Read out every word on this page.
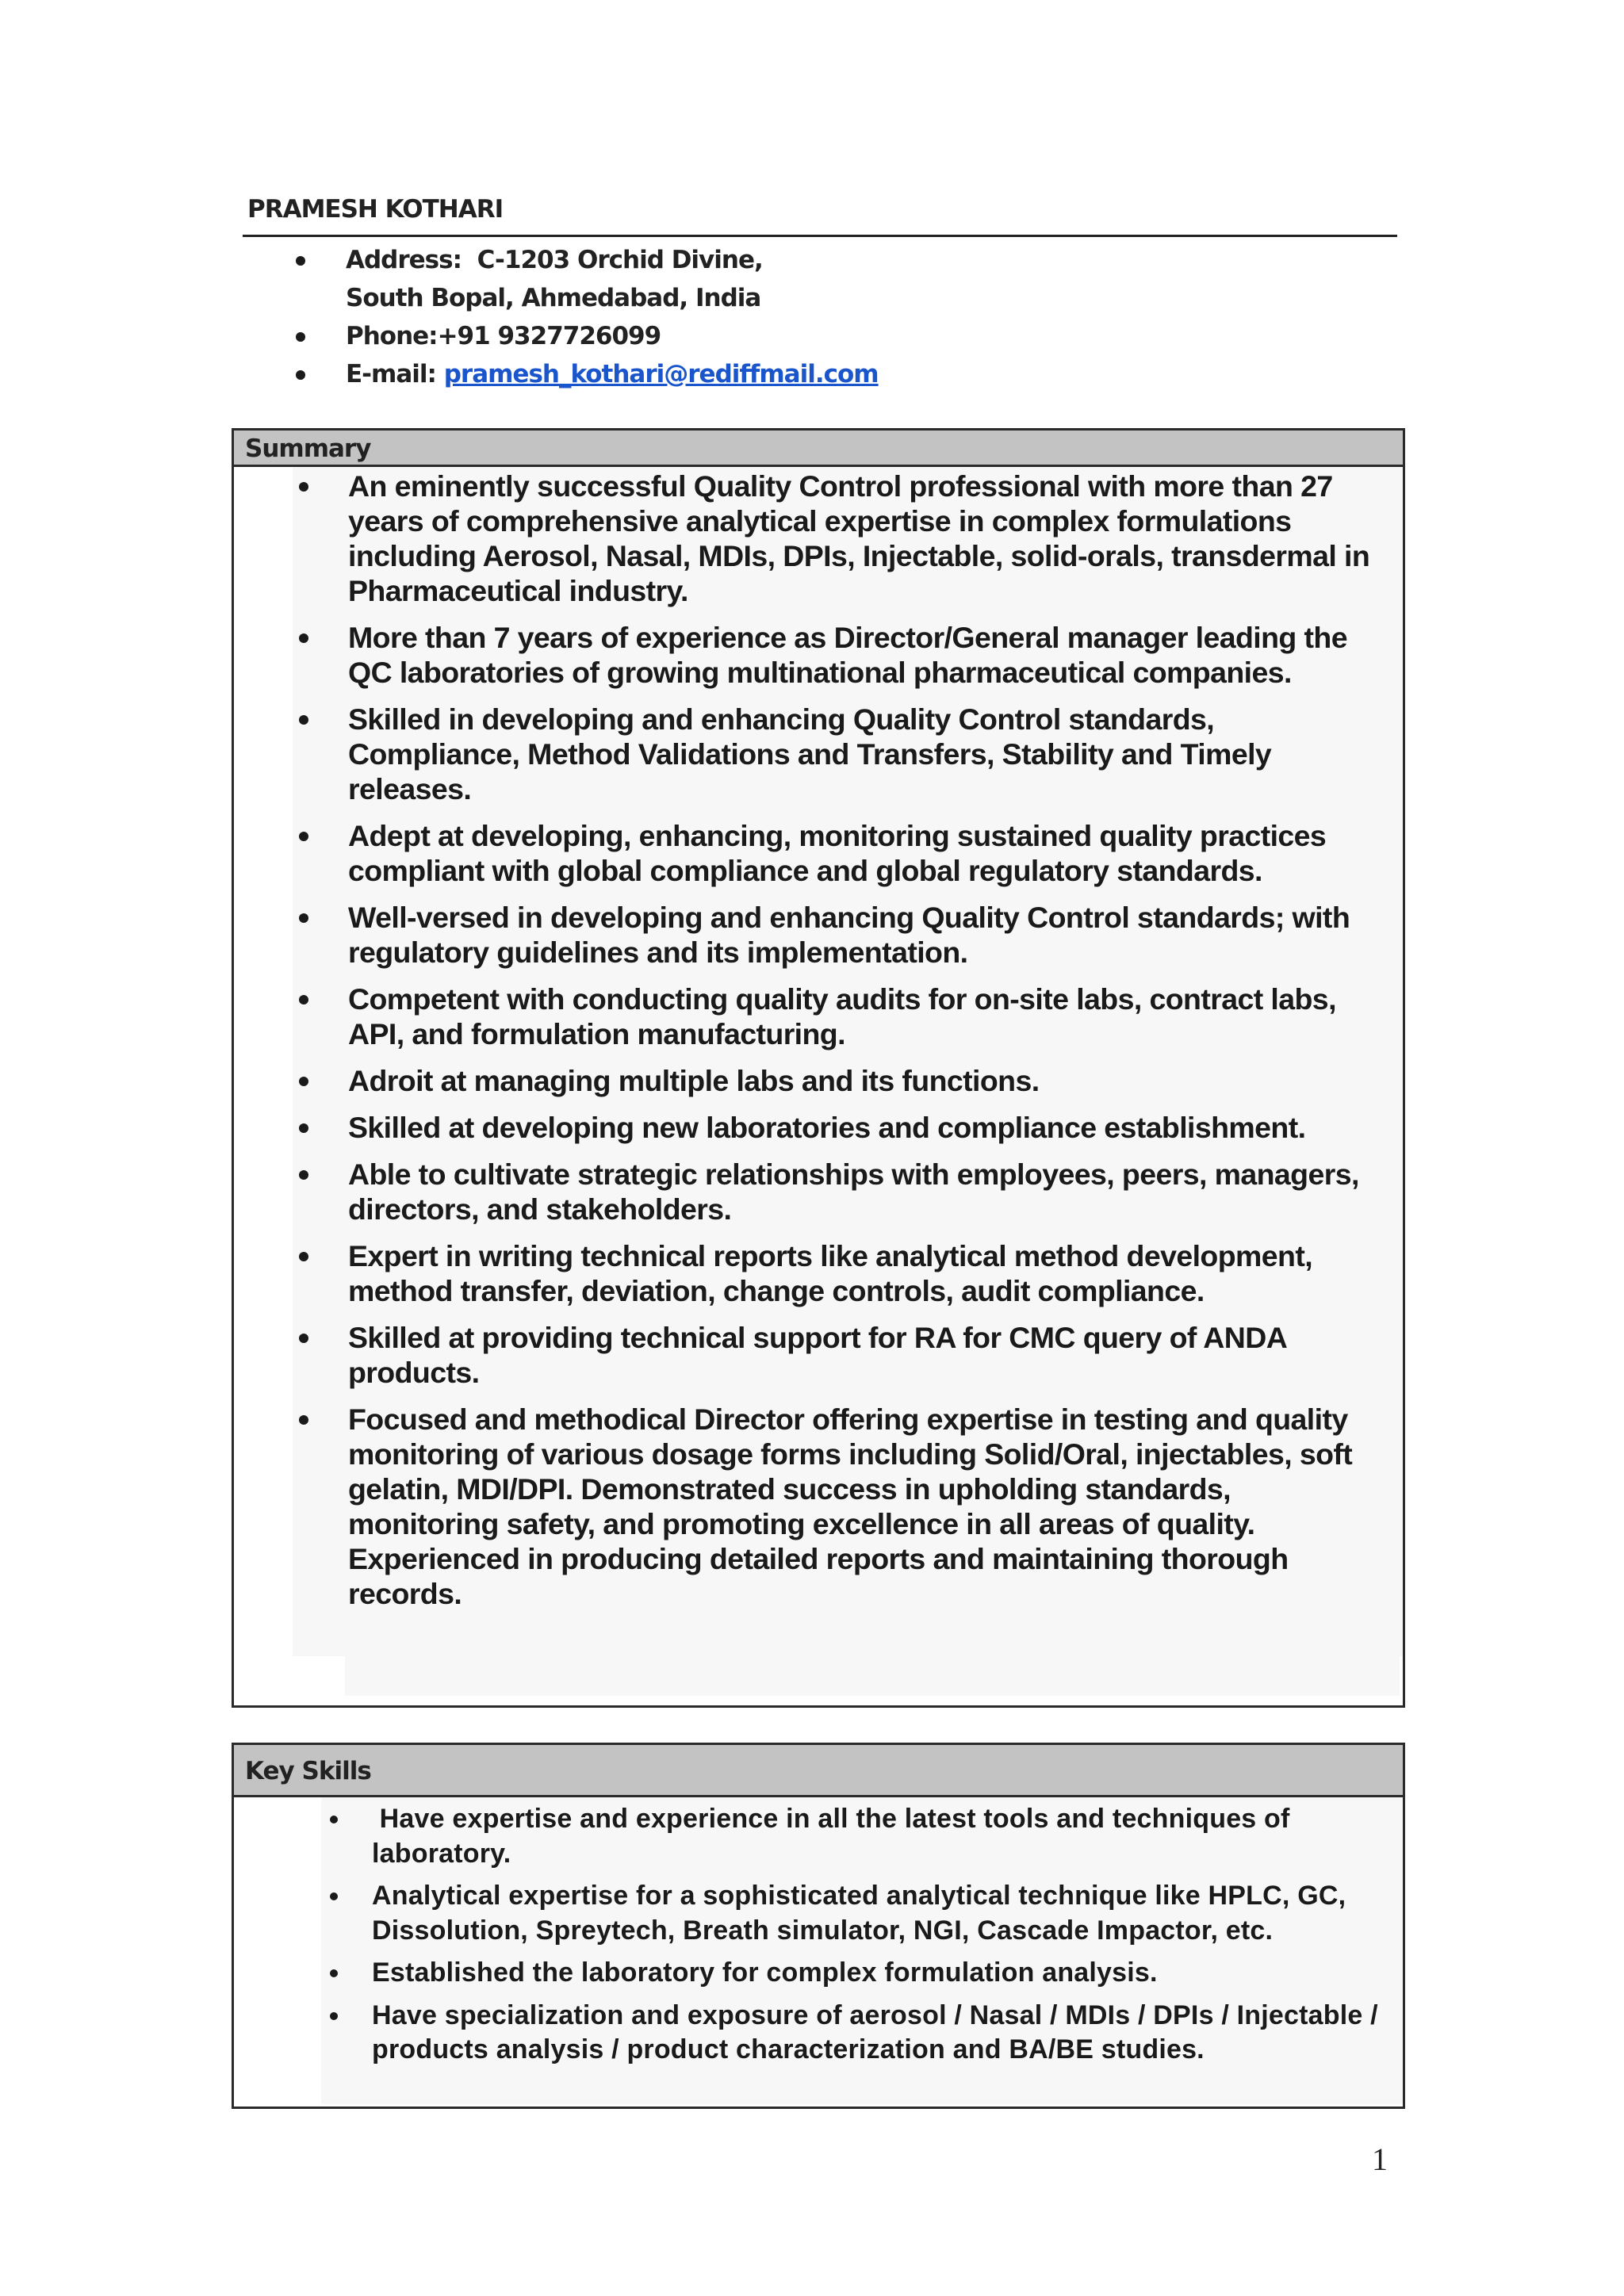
PRAMESH KOTHARI
Address: C-1203 Orchid Divine,
South Bopal, Ahmedabad, India
Phone:+91 9327726099
E-mail: pramesh_kothari@rediffmail.com
Summary
An eminently successful Quality Control professional with more than 27 years of comprehensive analytical expertise in complex formulations including Aerosol, Nasal, MDIs, DPIs, Injectable, solid-orals, transdermal in Pharmaceutical industry.
More than 7 years of experience as Director/General manager leading the QC laboratories of growing multinational pharmaceutical companies.
Skilled in developing and enhancing Quality Control standards, Compliance, Method Validations and Transfers, Stability and Timely releases.
Adept at developing, enhancing, monitoring sustained quality practices compliant with global compliance and global regulatory standards.
Well-versed in developing and enhancing Quality Control standards; with regulatory guidelines and its implementation.
Competent with conducting quality audits for on-site labs, contract labs, API, and formulation manufacturing.
Adroit at managing multiple labs and its functions.
Skilled at developing new laboratories and compliance establishment.
Able to cultivate strategic relationships with employees, peers, managers, directors, and stakeholders.
Expert in writing technical reports like analytical method development, method transfer, deviation, change controls, audit compliance.
Skilled at providing technical support for RA for CMC query of ANDA products.
Focused and methodical Director offering expertise in testing and quality monitoring of various dosage forms including Solid/Oral, injectables, soft gelatin, MDI/DPI. Demonstrated success in upholding standards, monitoring safety, and promoting excellence in all areas of quality. Experienced in producing detailed reports and maintaining thorough records.
Key Skills
Have expertise and experience in all the latest tools and techniques of laboratory.
Analytical expertise for a sophisticated analytical technique like HPLC, GC, Dissolution, Spreytech, Breath simulator, NGI, Cascade Impactor, etc.
Established the laboratory for complex formulation analysis.
Have specialization and exposure of aerosol / Nasal / MDIs / DPIs / Injectable / products analysis / product characterization and BA/BE studies.
1
